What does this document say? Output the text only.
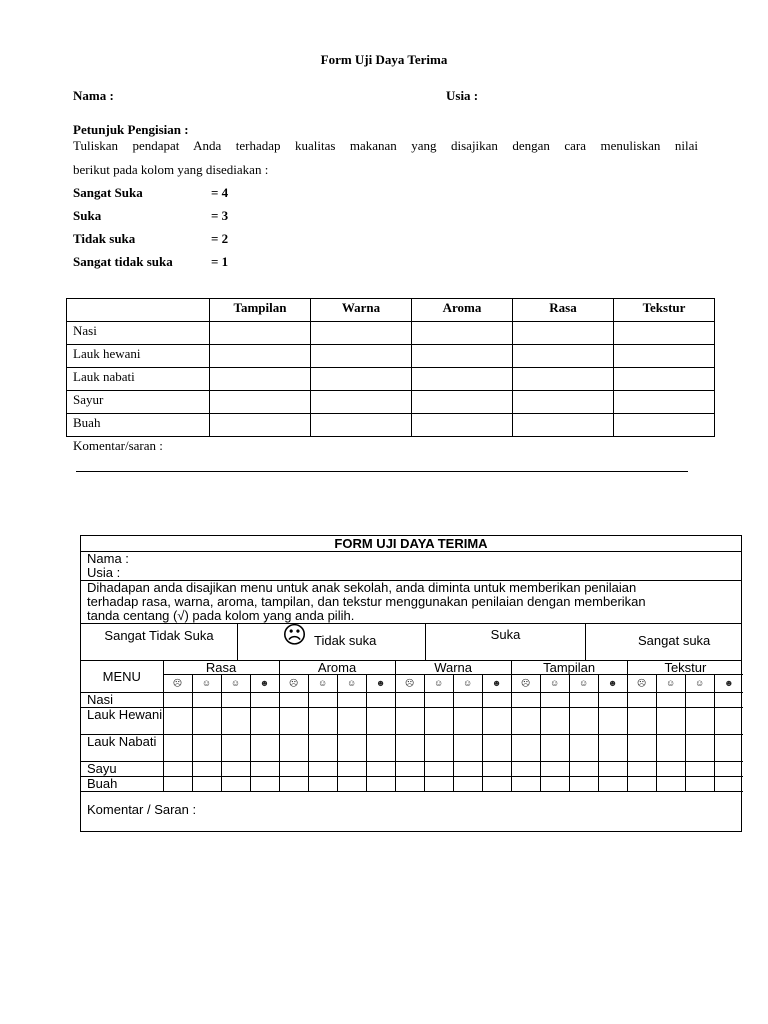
Form Uji Daya Terima
Nama :	Usia :
Petunjuk Pengisian :
Tuliskan pendapat Anda terhadap kualitas makanan yang disajikan dengan cara menuliskan nilai
berikut pada kolom yang disediakan :
Sangat Suka	= 4
Suka	= 3
Tidak suka	= 2
Sangat tidak suka	= 1
	Tampilan	Warna	Aroma	Rasa	Tekstur
Nasi					
Lauk hewani					
Lauk nabati					
Sayur					
Buah					
Komentar/saran :
FORM UJI DAYA TERIMA
Nama :
Usia :
Dihadapan anda disajikan menu untuk anak sekolah, anda diminta untuk memberikan penilaian
terhadap rasa, warna, aroma, tampilan, dan tekstur menggunakan penilaian dengan memberikan
tanda centang (√) pada kolom yang anda pilih.
Sangat Tidak Suka	☹ Tidak suka	Suka	Sangat suka
MENU	Rasa				Aroma				Warna				Tampilan				Tekstur			
	☹	☺	☺	☻	☹	☺	☺	☻	☹	☺	☺	☻	☹	☺	☺	☻	☹	☺	☺	☻
Nasi																				
Lauk Hewani																				
Lauk Nabati																				
Sayu																				
Buah																				
Komentar / Saran :
